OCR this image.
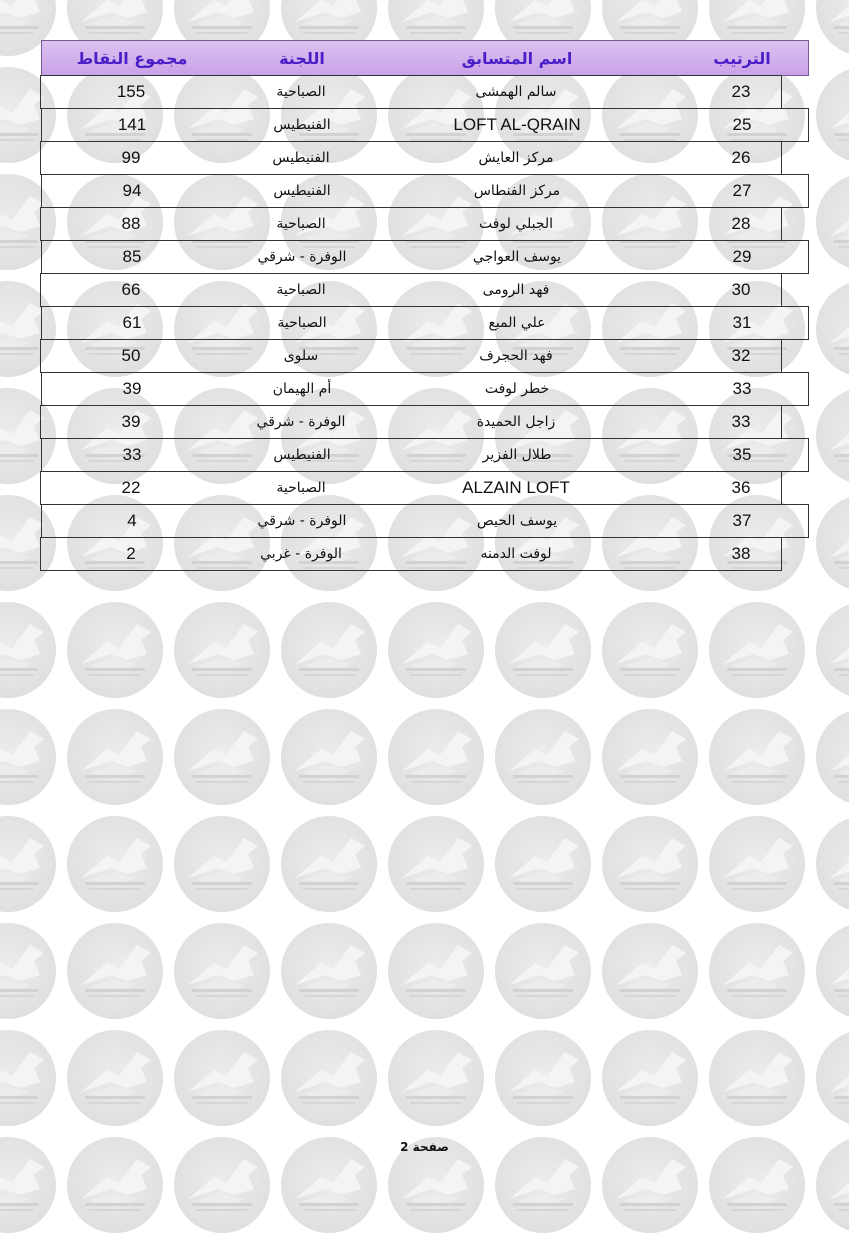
مجموع النقاط	اللجنة	اسم المتسابق	الترتيب
155	الصباحية	سالم الهمشى	23
141	الفنيطيس	LOFT AL-QRAIN	25
99	الفنيطيس	مركز العايش	26
94	الفنيطيس	مركز الفنطاس	27
88	الصباحية	الجبلي لوفت	28
85	الوفرة - شرقي	يوسف العواجي	29
66	الصباحية	فهد الرومى	30
61	الصباحية	علي المبع	31
50	سلوى	فهد الحجرف	32
39	أم الهيمان	خطر لوفت	33
39	الوفرة - شرقي	زاجل الحميدة	33
33	الفنيطيس	طلال الفزير	35
22	الصباحية	ALZAIN LOFT	36
4	الوفرة - شرقي	يوسف الحيص	37
2	الوفرة - غربي	لوفت الدمنه	38
صفحة 2
